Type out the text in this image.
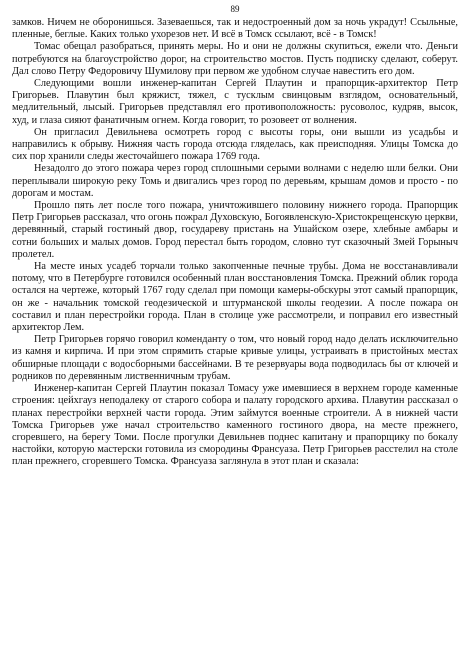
89

замков. Ничем не оборонишься. Зазеваешься, так и недостроенный дом за ночь украдут! Ссыльные, пленные, беглые. Каких только ухорезов нет. И всё в Томск ссылают, всё - в Томск!

Томас обещал разобраться, принять меры. Но и они не должны скупиться, ежели что. Деньги потребуются на благоустройство дорог, на строительство мостов. Пусть подписку сделают, соберут. Дал слово Петру Федоровичу Шумилову при первом же удобном случае навестить его дом.

Следующими вошли инженер-капитан Сергей Плаутин и прапорщик-архитектор Петр Григорьев. Плавутин был кряжист, тяжел, с тусклым свинцовым взглядом, основательный, медлительный, лысый. Григорьев представлял его противоположность: русоволос, кудряв, высок, худ, и глаза сияют фанатичным огнем. Когда говорит, то розовеет от волнения.

Он пригласил Девильнева осмотреть город с высоты горы, они вышли из усадьбы и направились к обрыву. Нижняя часть города отсюда гляделась, как преисподняя. Улицы Томска до сих пор хранили следы жесточайшего пожара 1769 года.

Незадолго до этого пожара через город сплошными серыми волнами с неделю шли белки. Они переплывали широкую реку Томь и двигались чрез город по деревьям, крышам домов и просто - по дорогам и мостам.

Прошло пять лет после того пожара, уничтожившего половину нижнего города. Прапорщик Петр Григорьев рассказал, что огонь пожрал Духовскую, Богоявленскую-Христокрещенскую церкви, деревянный, старый гостиный двор, государеву пристань на Ушайском озере, хлебные амбары и сотни больших и малых домов. Город перестал быть городом, словно тут сказочный Змей Горыныч пролетел.

На месте иных усадеб торчали только закопченные печные трубы. Дома не восстанавливали потому, что в Петербурге готовился особенный план восстановления Томска. Прежний облик города остался на чертеже, который 1767 году сделал при помощи камеры-обскуры этот самый прапорщик, он же - начальник томской геодезической и штурманской школы геодезии. А после пожара он составил и план перестройки города. План в столице уже рассмотрели, и поправил его известный архитектор Лем.

Петр Григорьев горячо говорил коменданту о том, что новый город надо делать исключительно из камня и кирпича. И при этом спрямить старые кривые улицы, устраивать в пристойных местах обширные площади с водосборными бассейнами. В те резервуары вода подводилась бы от ключей и родников по деревянным лиственничным трубам.

Инженер-капитан Сергей Плаутин показал Томасу уже имевшиеся в верхнем городе каменные строения: цейхгауз неподалеку от старого собора и палату городского архива. Плавутин рассказал о планах перестройки верхней части города. Этим займутся военные строители. А в нижней части Томска Григорьев уже начал строительство каменного гостиного двора, на месте прежнего, сгоревшего, на берегу Томи. После прогулки Девильнев поднес капитану и прапорщику по бокалу настойки, которую мастерски готовила из смородины Франсуаза. Петр Григорьев расстелил на столе план прежнего, сгоревшего Томска. Франсуаза заглянула в этот план и сказала:
